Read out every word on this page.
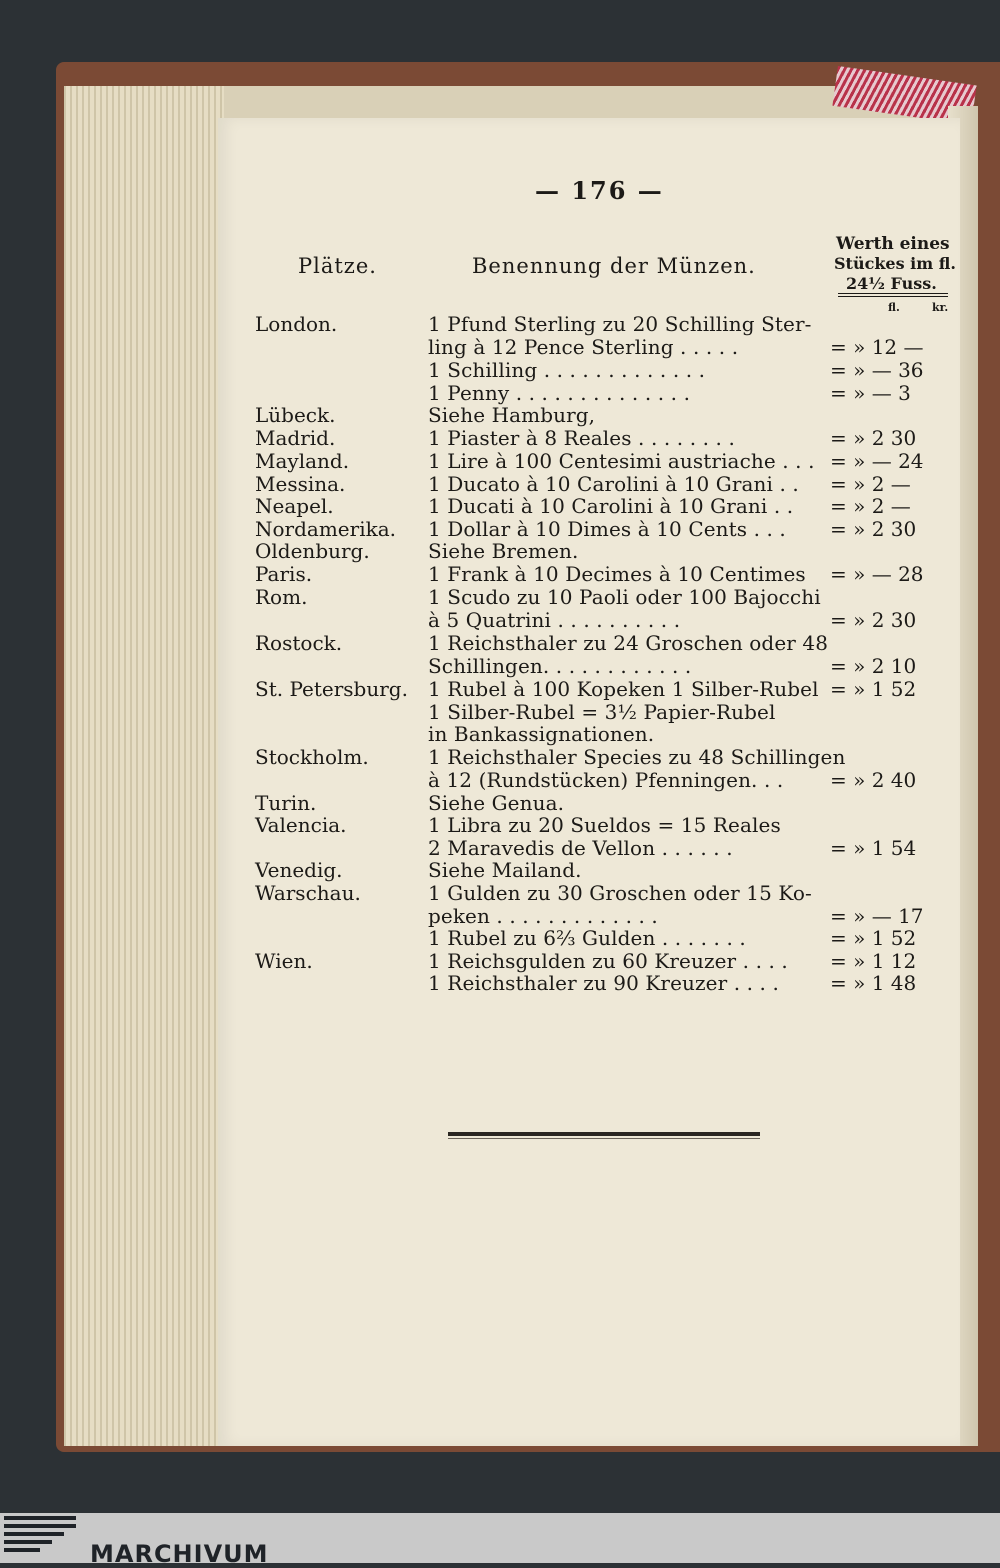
— 176 —
Plätze.	Benennung der Münzen.
Werth eines
Stückes im fl.
24½ Fuss.
fl.	kr.
London.	1 Pfund Sterling zu 20 Schilling Ster-
ling à 12 Pence Sterling . . . . .	= » 12 —
1 Schilling . . . . . . . . . . . . .	= » — 36
1 Penny . . . . . . . . . . . . . .	= » — 3
Lübeck.	Siehe Hamburg,
Madrid.	1 Piaster à 8 Reales . . . . . . . .	= » 2 30
Mayland.	1 Lire à 100 Centesimi austriache . . . = » — 24
Messina.	1 Ducato à 10 Carolini à 10 Grani . . = » 2 —
Neapel.	1 Ducati à 10 Carolini à 10 Grani . . = » 2 —
Nordamerika. 1 Dollar à 10 Dimes à 10 Cents . . . = » 2 30
Oldenburg.	Siehe Bremen.
Paris.	1 Frank à 10 Decimes à 10 Centimes = » — 28
Rom.	1 Scudo zu 10 Paoli oder 100 Bajocchi
à 5 Quatrini . . . . . . . . . .	= » 2 30
Rostock.	1 Reichsthaler zu 24 Groschen oder 48
Schillingen. . . . . . . . . . . .	= » 2 10
St. Petersburg. 1 Rubel à 100 Kopeken 1 Silber-Rubel = » 1 52
1 Silber-Rubel = 3½ Papier-Rubel
in Bankassignationen.
Stockholm.	1 Reichsthaler Species zu 48 Schillingen
à 12 (Rundstücken) Pfenningen. . . = » 2 40
Turin.	Siehe Genua.
Valencia.	1 Libra zu 20 Sueldos = 15 Reales
2 Maravedis de Vellon . . . . . .	= » 1 54
Venedig.	Siehe Mailand.
Warschau.	1 Gulden zu 30 Groschen oder 15 Ko-
peken . . . . . . . . . . . . .	= » — 17
1 Rubel zu 6⅔ Gulden . . . . . . .	= » 1 52
Wien.	1 Reichsgulden zu 60 Kreuzer . . . . = » 1 12
1 Reichsthaler zu 90 Kreuzer . . . .	= » 1 48
MARCHIVUM
